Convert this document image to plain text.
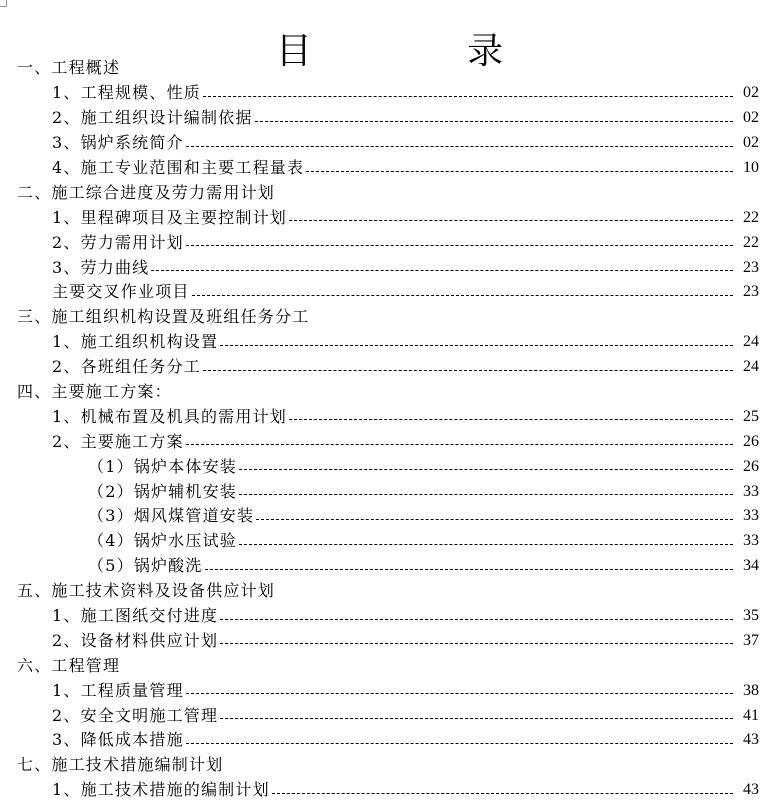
目 录
一、工程概述
1、工程规模、性质	02
2、施工组织设计编制依据	02
3、锅炉系统简介	02
4、施工专业范围和主要工程量表	10
二、施工综合进度及劳力需用计划
1、里程碑项目及主要控制计划	22
2、劳力需用计划	22
3、劳力曲线	23
主要交叉作业项目	23
三、施工组织机构设置及班组任务分工
1、施工组织机构设置	24
2、各班组任务分工	24
四、主要施工方案：
1、机械布置及机具的需用计划	25
2、主要施工方案	26
（1）锅炉本体安装	26
（2）锅炉辅机安装	33
（3）烟风煤管道安装	33
（4）锅炉水压试验	33
（5）锅炉酸洗	34
五、施工技术资料及设备供应计划
1、施工图纸交付进度	35
2、设备材料供应计划	37
六、工程管理
1、工程质量管理	38
2、安全文明施工管理	41
3、降低成本措施	43
七、施工技术措施编制计划
1、施工技术措施的编制计划	43
